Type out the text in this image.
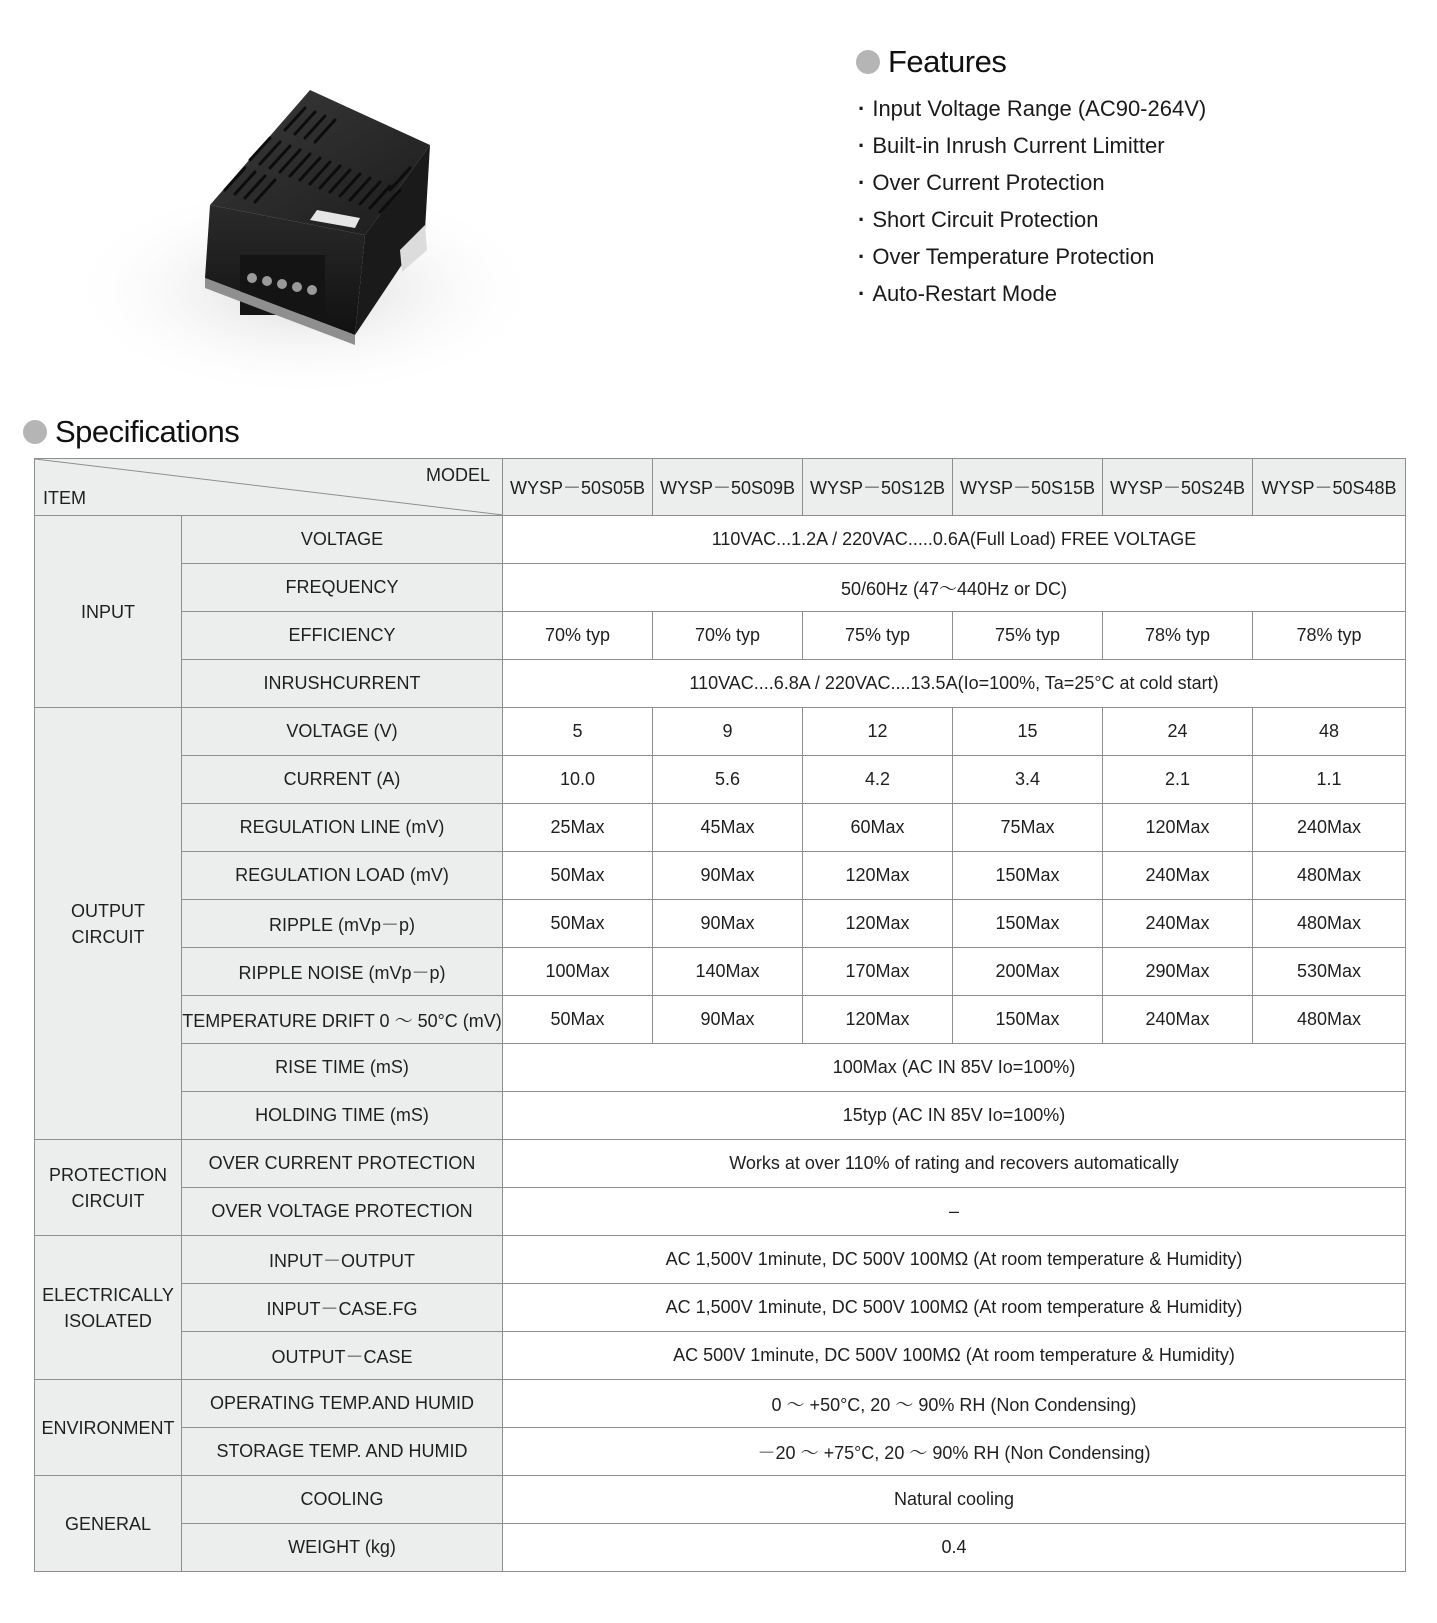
Features
· Input Voltage Range (AC90-264V)
· Built-in Inrush Current Limitter
· Over Current Protection
· Short Circuit Protection
· Over Temperature Protection
· Auto-Restart Mode
Specifications
MODEL
ITEM		WYSP－50S05B	WYSP－50S09B	WYSP－50S12B	WYSP－50S15B	WYSP－50S24B	WYSP－50S48B
INPUT	VOLTAGE	110VAC...1.2A / 220VAC.....0.6A(Full Load) FREE VOLTAGE					
	FREQUENCY	50/60Hz (47～440Hz or DC)					
	EFFICIENCY	70% typ	70% typ	75% typ	75% typ	78% typ	78% typ
	INRUSHCURRENT	110VAC....6.8A / 220VAC....13.5A(Io=100%, Ta=25°C at cold start)					
OUTPUT CIRCUIT	VOLTAGE (V)	5	9	12	15	24	48
	CURRENT (A)	10.0	5.6	4.2	3.4	2.1	1.1
	REGULATION LINE (mV)	25Max	45Max	60Max	75Max	120Max	240Max
	REGULATION LOAD (mV)	50Max	90Max	120Max	150Max	240Max	480Max
	RIPPLE (mVp－p)	50Max	90Max	120Max	150Max	240Max	480Max
	RIPPLE NOISE (mVp－p)	100Max	140Max	170Max	200Max	290Max	530Max
	TEMPERATURE DRIFT 0 ～ 50°C (mV)	50Max	90Max	120Max	150Max	240Max	480Max
	RISE TIME (mS)	100Max (AC IN 85V Io=100%)					
	HOLDING TIME (mS)	15typ (AC IN 85V Io=100%)					
PROTECTION CIRCUIT	OVER CURRENT PROTECTION	Works at over 110% of rating and recovers automatically					
	OVER VOLTAGE PROTECTION	–					
ELECTRICALLY ISOLATED	INPUT－OUTPUT	AC 1,500V 1minute, DC 500V 100MΩ (At room temperature & Humidity)					
	INPUT－CASE.FG	AC 1,500V 1minute, DC 500V 100MΩ (At room temperature & Humidity)					
	OUTPUT－CASE	AC 500V 1minute, DC 500V 100MΩ (At room temperature & Humidity)					
ENVIRONMENT	OPERATING TEMP.AND HUMID	0 ～ +50°C, 20 ～ 90% RH (Non Condensing)					
	STORAGE TEMP. AND HUMID	－20 ～ +75°C, 20 ～ 90% RH (Non Condensing)					
GENERAL	COOLING	Natural cooling					
	WEIGHT (kg)	0.4					
